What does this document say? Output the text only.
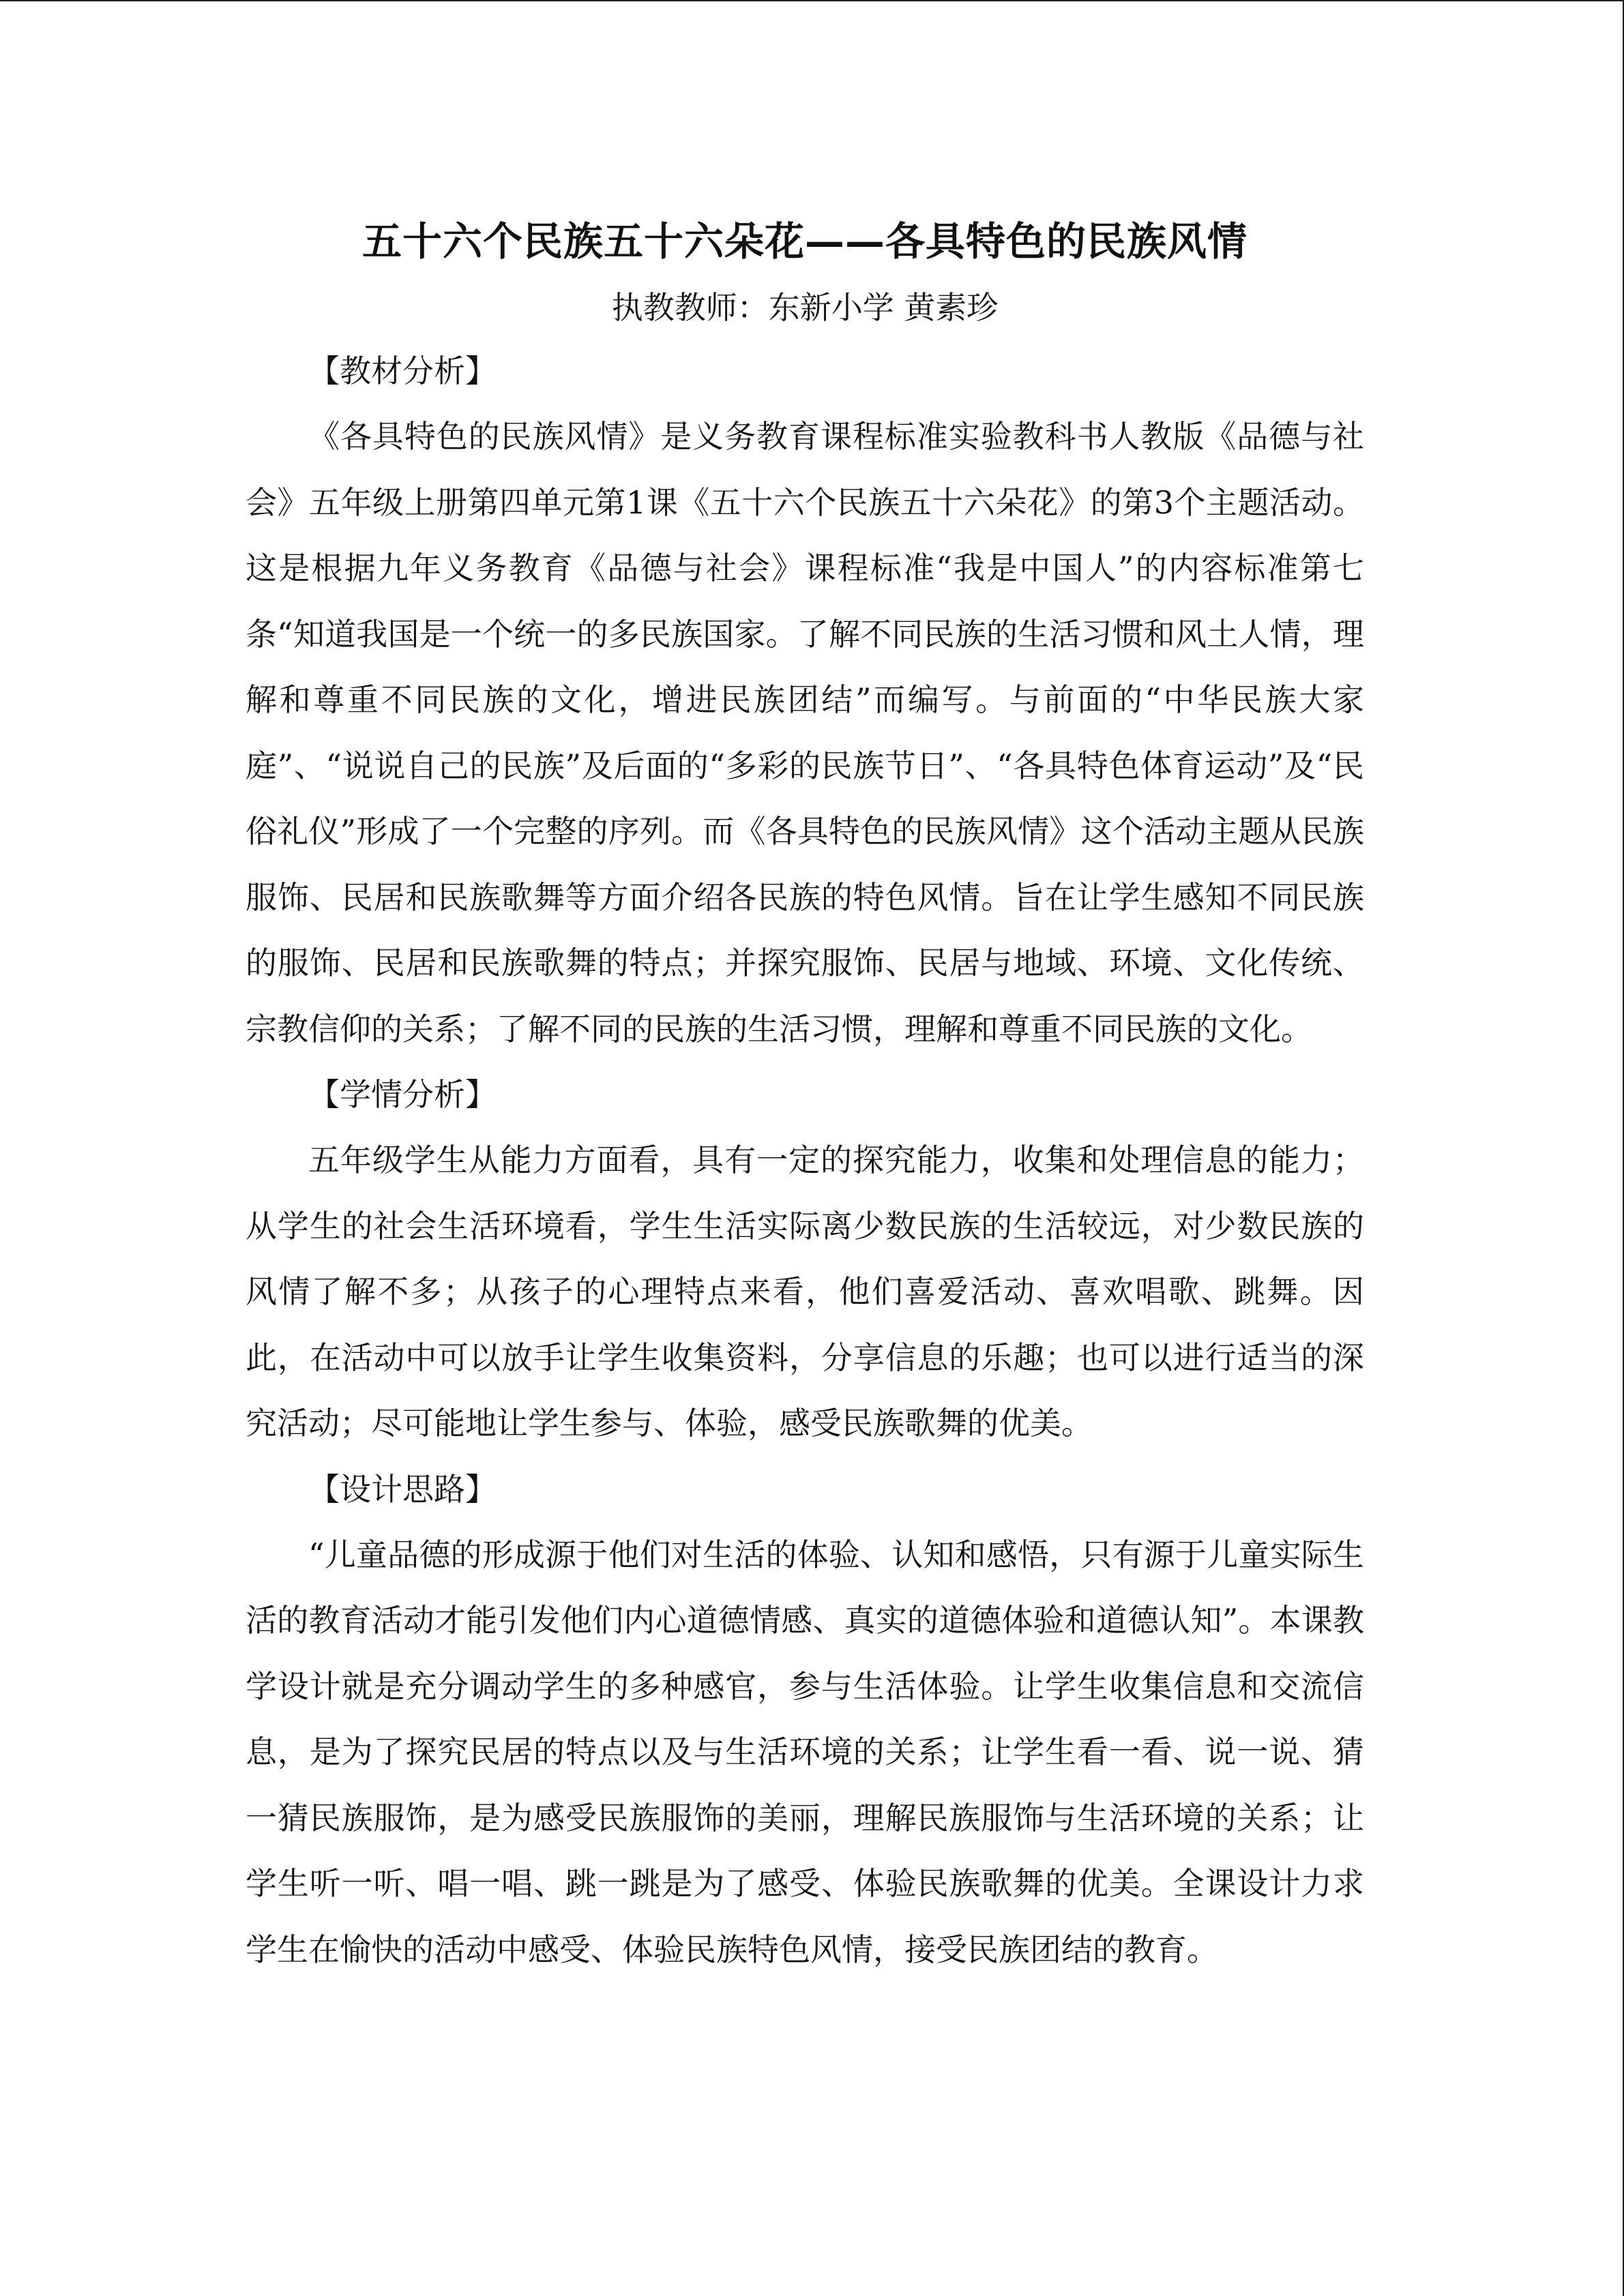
五十六个民族五十六朵花——各具特色的民族风情

执教教师：东新小学 黄素珍

【教材分析】

《各具特色的民族风情》是义务教育课程标准实验教科书人教版《品德与社会》五年级上册第四单元第1课《五十六个民族五十六朵花》的第3个主题活动。这是根据九年义务教育《品德与社会》课程标准“我是中国人”的内容标准第七条“知道我国是一个统一的多民族国家。了解不同民族的生活习惯和风土人情，理解和尊重不同民族的文化，增进民族团结”而编写。与前面的“中华民族大家庭”、“说说自己的民族”及后面的“多彩的民族节日”、“各具特色体育运动”及“民俗礼仪”形成了一个完整的序列。而《各具特色的民族风情》这个活动主题从民族服饰、民居和民族歌舞等方面介绍各民族的特色风情。旨在让学生感知不同民族的服饰、民居和民族歌舞的特点；并探究服饰、民居与地域、环境、文化传统、宗教信仰的关系；了解不同的民族的生活习惯，理解和尊重不同民族的文化。

【学情分析】

五年级学生从能力方面看，具有一定的探究能力，收集和处理信息的能力；从学生的社会生活环境看，学生生活实际离少数民族的生活较远，对少数民族的风情了解不多；从孩子的心理特点来看，他们喜爱活动、喜欢唱歌、跳舞。因此，在活动中可以放手让学生收集资料，分享信息的乐趣；也可以进行适当的深究活动；尽可能地让学生参与、体验，感受民族歌舞的优美。

【设计思路】

“儿童品德的形成源于他们对生活的体验、认知和感悟，只有源于儿童实际生活的教育活动才能引发他们内心道德情感、真实的道德体验和道德认知”。本课教学设计就是充分调动学生的多种感官，参与生活体验。让学生收集信息和交流信息，是为了探究民居的特点以及与生活环境的关系；让学生看一看、说一说、猜一猜民族服饰，是为感受民族服饰的美丽，理解民族服饰与生活环境的关系；让学生听一听、唱一唱、跳一跳是为了感受、体验民族歌舞的优美。全课设计力求学生在愉快的活动中感受、体验民族特色风情，接受民族团结的教育。
